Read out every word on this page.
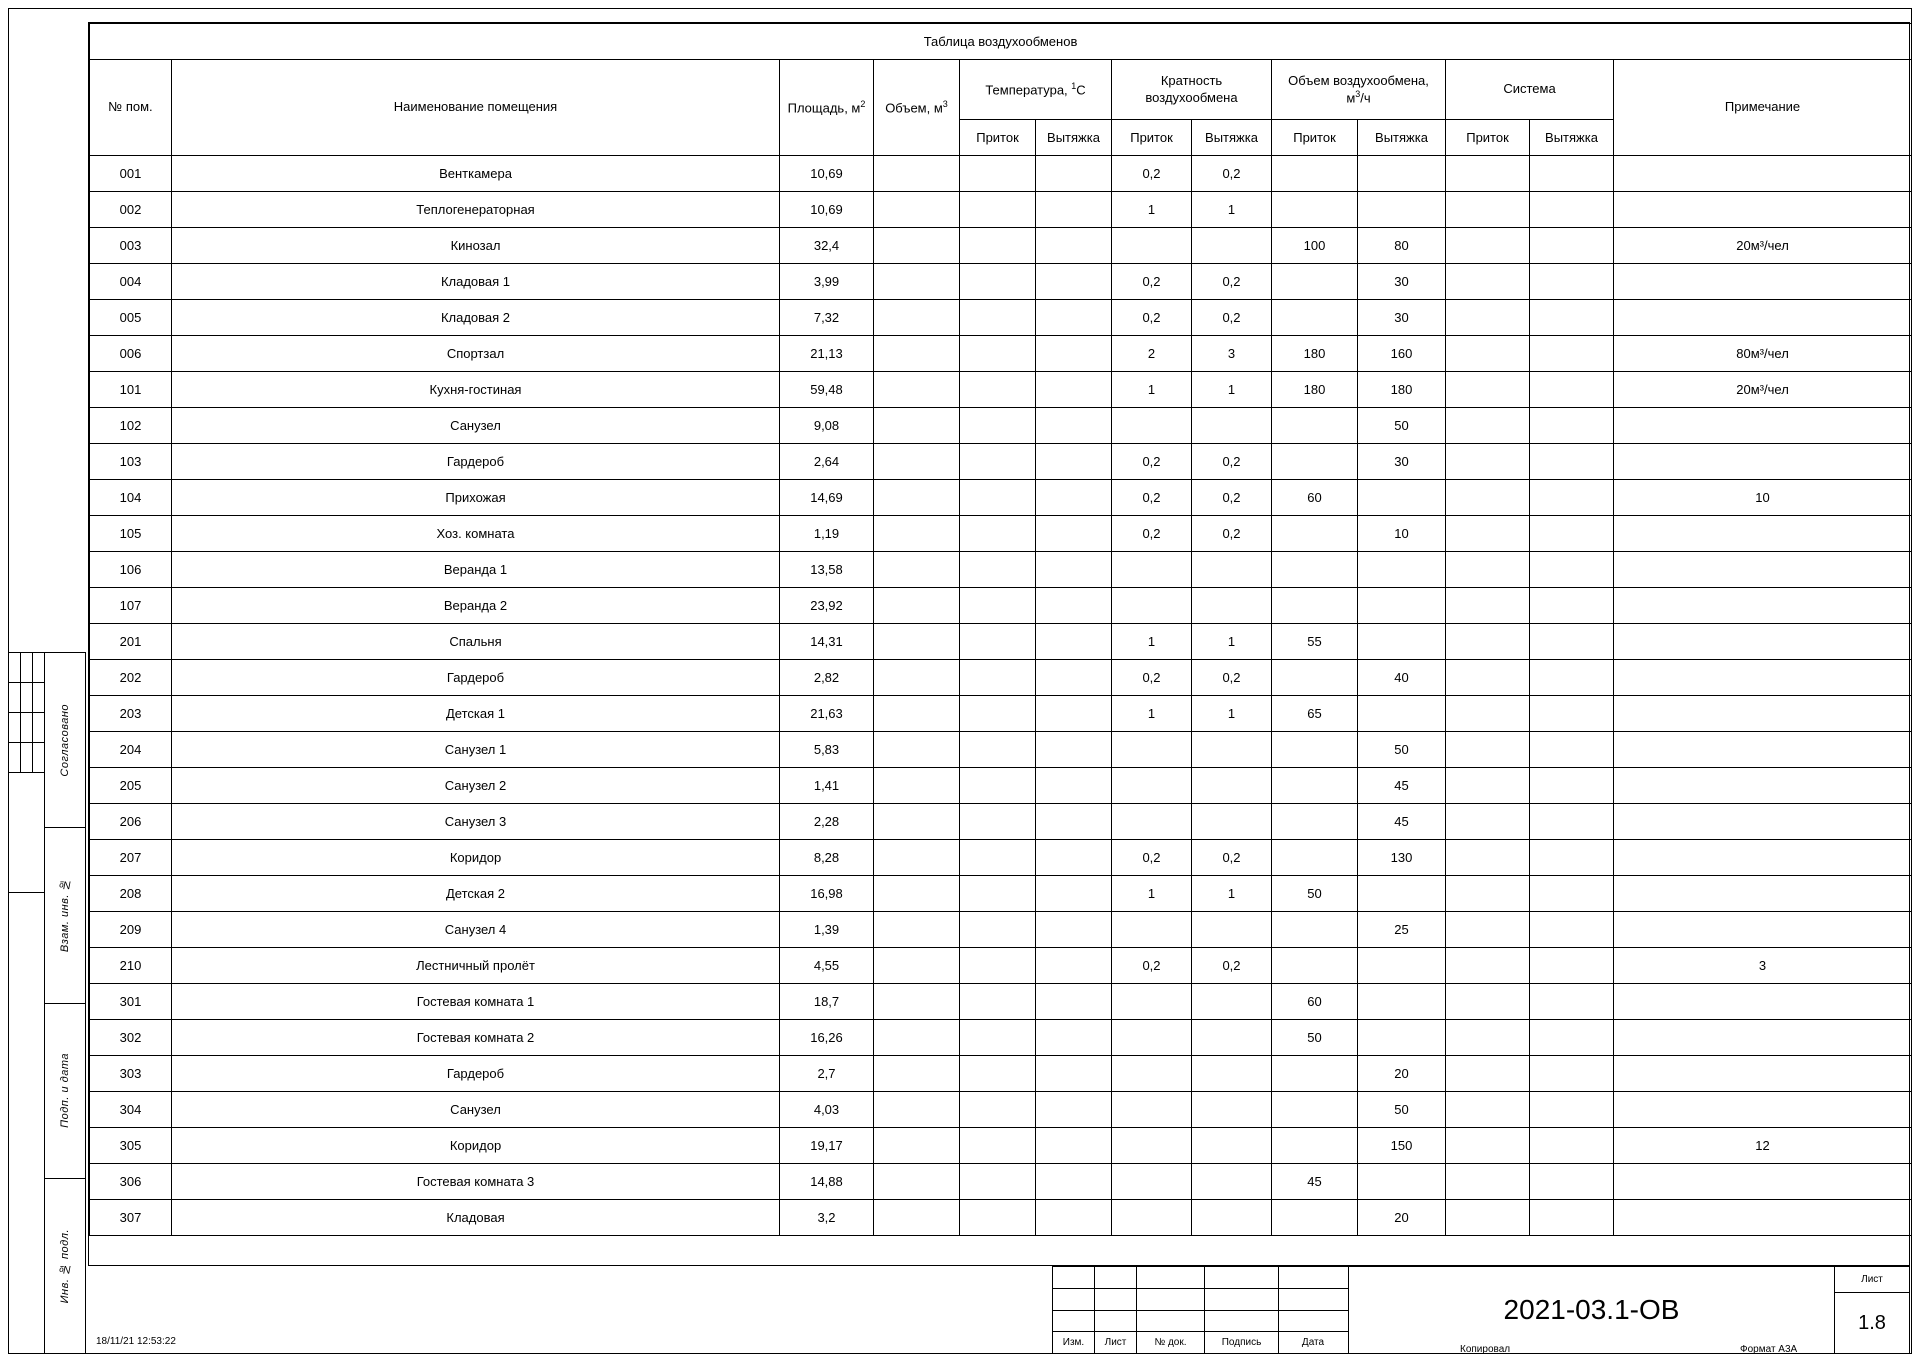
Согласовано
Взам. инв. №
Подп. и дата
Инв. № подл.
Таблица воздухообменов												
№ пом.	Наименование помещения	Площадь, $м^2$	Объем, $м^3$	Температура, $^1$С		Кратность
воздухообмена		Объем воздухообмена,
$м^3/ч$		Система		Примечание
				Приток	Вытяжка	Приток	Вытяжка	Приток	Вытяжка	Приток	Вытяжка	
001	Венткамера	10,69				0,2	0,2					
002	Теплогенераторная	10,69				1	1					
003	Кинозал	32,4						100	80			20м³/чел
004	Кладовая 1	3,99				0,2	0,2		30			
005	Кладовая 2	7,32				0,2	0,2		30			
006	Спортзал	21,13				2	3	180	160			80м³/чел
101	Кухня-гостиная	59,48				1	1	180	180			20м³/чел
102	Санузел	9,08							50			
103	Гардероб	2,64				0,2	0,2		30			
104	Прихожая	14,69				0,2	0,2	60				10
105	Хоз. комната	1,19				0,2	0,2		10			
106	Веранда 1	13,58										
107	Веранда 2	23,92										
201	Спальня	14,31				1	1	55				
202	Гардероб	2,82				0,2	0,2		40			
203	Детская 1	21,63				1	1	65				
204	Санузел 1	5,83							50			
205	Санузел 2	1,41							45			
206	Санузел 3	2,28							45			
207	Коридор	8,28				0,2	0,2		130			
208	Детская 2	16,98				1	1	50				
209	Санузел 4	1,39							25			
210	Лестничный пролёт	4,55				0,2	0,2					3
301	Гостевая комната 1	18,7						60				
302	Гостевая комната 2	16,26						50				
303	Гардероб	2,7							20			
304	Санузел	4,03							50			
305	Коридор	19,17							150			12
306	Гостевая комната 3	14,88						45				
307	Кладовая	3,2							20			
Изм.	Лист	№ док.	Подпись	Дата
2021-03.1-ОВ
Лист
1.8
18/11/21 12:53:22
Копировал	Формат А3А
